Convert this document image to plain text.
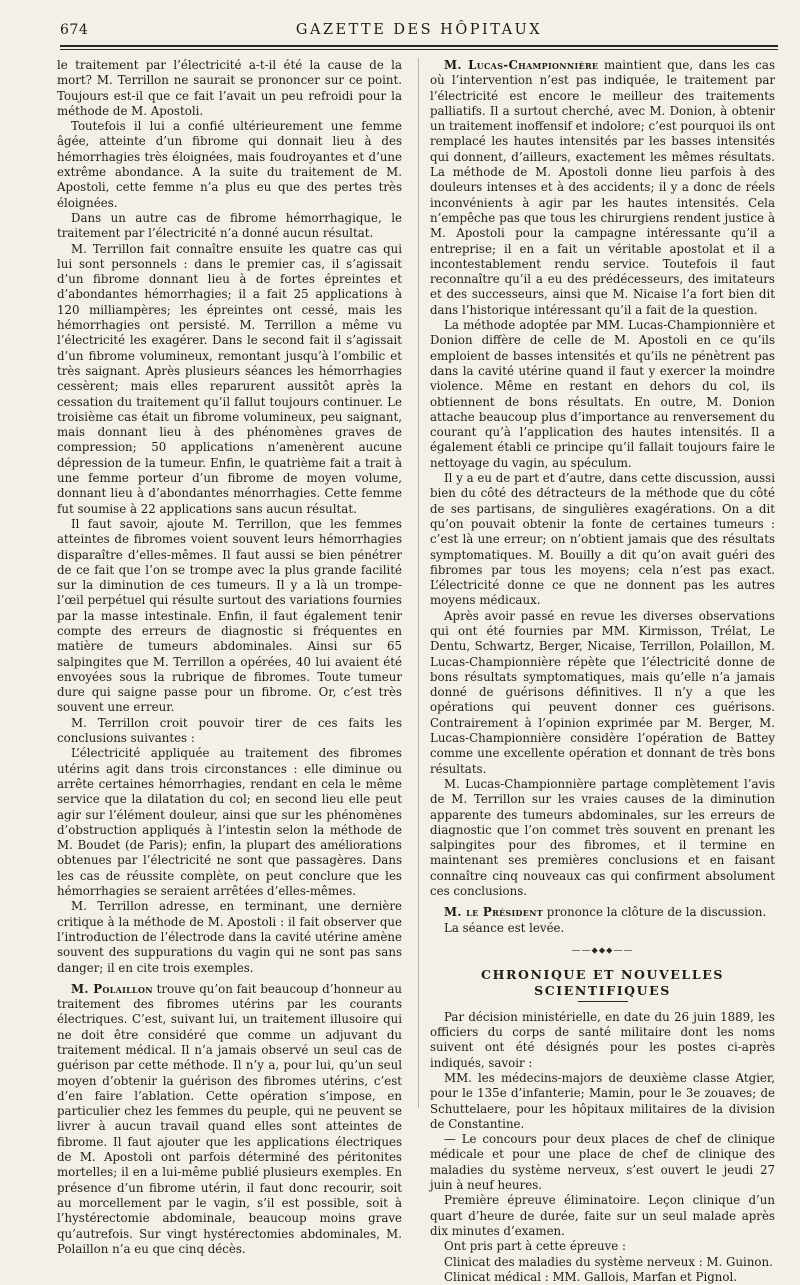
674	GAZETTE DES HÔPITAUX

le traitement par l’électricité a-t-il été la cause de la mort? M. Terrillon ne saurait se prononcer sur ce point. Toujours est-il que ce fait l’avait un peu refroidi pour la méthode de M. Apostoli.

Toutefois il lui a confié ultérieurement une femme âgée, atteinte d’un fibrome qui donnait lieu à des hémorrhagies très éloignées, mais foudroyantes et d’une extrême abondance. A la suite du traitement de M. Apostoli, cette femme n’a plus eu que des pertes très éloignées.

Dans un autre cas de fibrome hémorrhagique, le traitement par l’électricité n’a donné aucun résultat.

M. Terrillon fait connaître ensuite les quatre cas qui lui sont personnels : dans le premier cas, il s’agissait d’un fibrome donnant lieu à de fortes épreintes et d’abondantes hémorrhagies; il a fait 25 applications à 120 milliampères; les épreintes ont cessé, mais les hémorrhagies ont persisté. M. Terrillon a même vu l’électricité les exagérer. Dans le second fait il s’agissait d’un fibrome volumineux, remontant jusqu’à l’ombilic et très saignant. Après plusieurs séances les hémorrhagies cessèrent; mais elles reparurent aussitôt après la cessation du traitement qu’il fallut toujours continuer. Le troisième cas était un fibrome volumineux, peu saignant, mais donnant lieu à des phénomènes graves de compression; 50 applications n’amenèrent aucune dépression de la tumeur. Enfin, le quatrième fait a trait à une femme porteur d’un fibrome de moyen volume, donnant lieu à d’abondantes ménorrhagies. Cette femme fut soumise à 22 applications sans aucun résultat.

Il faut savoir, ajoute M. Terrillon, que les femmes atteintes de fibromes voient souvent leurs hémorrhagies disparaître d’elles-mêmes. Il faut aussi se bien pénétrer de ce fait que l’on se trompe avec la plus grande facilité sur la diminution de ces tumeurs. Il y a là un trompe-l’œil perpétuel qui résulte surtout des variations fournies par la masse intestinale. Enfin, il faut également tenir compte des erreurs de diagnostic si fréquentes en matière de tumeurs abdominales. Ainsi sur 65 salpingites que M. Terrillon a opérées, 40 lui avaient été envoyées sous la rubrique de fibromes. Toute tumeur dure qui saigne passe pour un fibrome. Or, c’est très souvent une erreur.

M. Terrillon croit pouvoir tirer de ces faits les conclusions suivantes :

L’électricité appliquée au traitement des fibromes utérins agit dans trois circonstances : elle diminue ou arrête certaines hémorrhagies, rendant en cela le même service que la dilatation du col; en second lieu elle peut agir sur l’élément douleur, ainsi que sur les phénomènes d’obstruction appliqués à l’intestin selon la méthode de M. Boudet (de Paris); enfin, la plupart des améliorations obtenues par l’électricité ne sont que passagères. Dans les cas de réussite complète, on peut conclure que les hémorrhagies se seraient arrêtées d’elles-mêmes.

M. Terrillon adresse, en terminant, une dernière critique à la méthode de M. Apostoli : il fait observer que l’introduction de l’électrode dans la cavité utérine amène souvent des suppurations du vagin qui ne sont pas sans danger; il en cite trois exemples.

M. Polaillon trouve qu’on fait beaucoup d’honneur au traitement des fibromes utérins par les courants électriques. C’est, suivant lui, un traitement illusoire qui ne doit être considéré que comme un adjuvant du traitement médical. Il n’a jamais observé un seul cas de guérison par cette méthode. Il n’y a, pour lui, qu’un seul moyen d’obtenir la guérison des fibromes utérins, c’est d’en faire l’ablation. Cette opération s’impose, en particulier chez les femmes du peuple, qui ne peuvent se livrer à aucun travail quand elles sont atteintes de fibrome. Il faut ajouter que les applications électriques de M. Apostoli ont parfois déterminé des péritonites mortelles; il en a lui-même publié plusieurs exemples. En présence d’un fibrome utérin, il faut donc recourir, soit au morcellement par le vagin, s’il est possible, soit à l’hystérectomie abdominale, beaucoup moins grave qu’autrefois. Sur vingt hystérectomies abdominales, M. Polaillon n’a eu que cinq décès.

M. Lucas-Championnière maintient que, dans les cas où l’intervention n’est pas indiquée, le traitement par l’électricité est encore le meilleur des traitements palliatifs. Il a surtout cherché, avec M. Donion, à obtenir un traitement inoffensif et indolore; c’est pourquoi ils ont remplacé les hautes intensités par les basses intensités qui donnent, d’ailleurs, exactement les mêmes résultats. La méthode de M. Apostoli donne lieu parfois à des douleurs intenses et à des accidents; il y a donc de réels inconvénients à agir par les hautes intensités. Cela n’empêche pas que tous les chirurgiens rendent justice à M. Apostoli pour la campagne intéressante qu’il a entreprise; il en a fait un véritable apostolat et il a incontestablement rendu service. Toutefois il faut reconnaître qu’il a eu des prédécesseurs, des imitateurs et des successeurs, ainsi que M. Nicaise l’a fort bien dit dans l’historique intéressant qu’il a fait de la question.

La méthode adoptée par MM. Lucas-Championnière et Donion diffère de celle de M. Apostoli en ce qu’ils emploient de basses intensités et qu’ils ne pénètrent pas dans la cavité utérine quand il faut y exercer la moindre violence. Même en restant en dehors du col, ils obtiennent de bons résultats. En outre, M. Donion attache beaucoup plus d’importance au renversement du courant qu’à l’application des hautes intensités. Il a également établi ce principe qu’il fallait toujours faire le nettoyage du vagin, au spéculum.

Il y a eu de part et d’autre, dans cette discussion, aussi bien du côté des détracteurs de la méthode que du côté de ses partisans, de singulières exagérations. On a dit qu’on pouvait obtenir la fonte de certaines tumeurs : c’est là une erreur; on n’obtient jamais que des résultats symptomatiques. M. Bouilly a dit qu’on avait guéri des fibromes par tous les moyens; cela n’est pas exact. L’électricité donne ce que ne donnent pas les autres moyens médicaux.

Après avoir passé en revue les diverses observations qui ont été fournies par MM. Kirmisson, Trélat, Le Dentu, Schwartz, Berger, Nicaise, Terrillon, Polaillon, M. Lucas-Championnière répète que l’électricité donne de bons résultats symptomatiques, mais qu’elle n’a jamais donné de guérisons définitives. Il n’y a que les opérations qui peuvent donner ces guérisons. Contrairement à l’opinion exprimée par M. Berger, M. Lucas-Championnière considère l’opération de Battey comme une excellente opération et donnant de très bons résultats.

M. Lucas-Championnière partage complètement l’avis de M. Terrillon sur les vraies causes de la diminution apparente des tumeurs abdominales, sur les erreurs de diagnostic que l’on commet très souvent en prenant les salpingites pour des fibromes, et il termine en maintenant ses premières conclusions et en faisant connaître cinq nouveaux cas qui confirment absolument ces conclusions.

M. le Président prononce la clôture de la discussion.

La séance est levée.

——⬥⬥⬥——
CHRONIQUE ET NOUVELLES SCIENTIFIQUES

Par décision ministérielle, en date du 26 juin 1889, les officiers du corps de santé militaire dont les noms suivent ont été désignés pour les postes ci-après indiqués, savoir :

MM. les médecins-majors de deuxième classe Atgier, pour le 135e d’infanterie; Mamin, pour le 3e zouaves; de Schuttelaere, pour les hôpitaux militaires de la division de Constantine.

— Le concours pour deux places de chef de clinique médicale et pour une place de chef de clinique des maladies du système nerveux, s’est ouvert le jeudi 27 juin à neuf heures.

Première épreuve éliminatoire. Leçon clinique d’un quart d’heure de durée, faite sur un seul malade après dix minutes d’examen.

Ont pris part à cette épreuve :

Clinicat des maladies du système nerveux : M. Guinon.

Clinicat médical : MM. Gallois, Marfan et Pignol.
